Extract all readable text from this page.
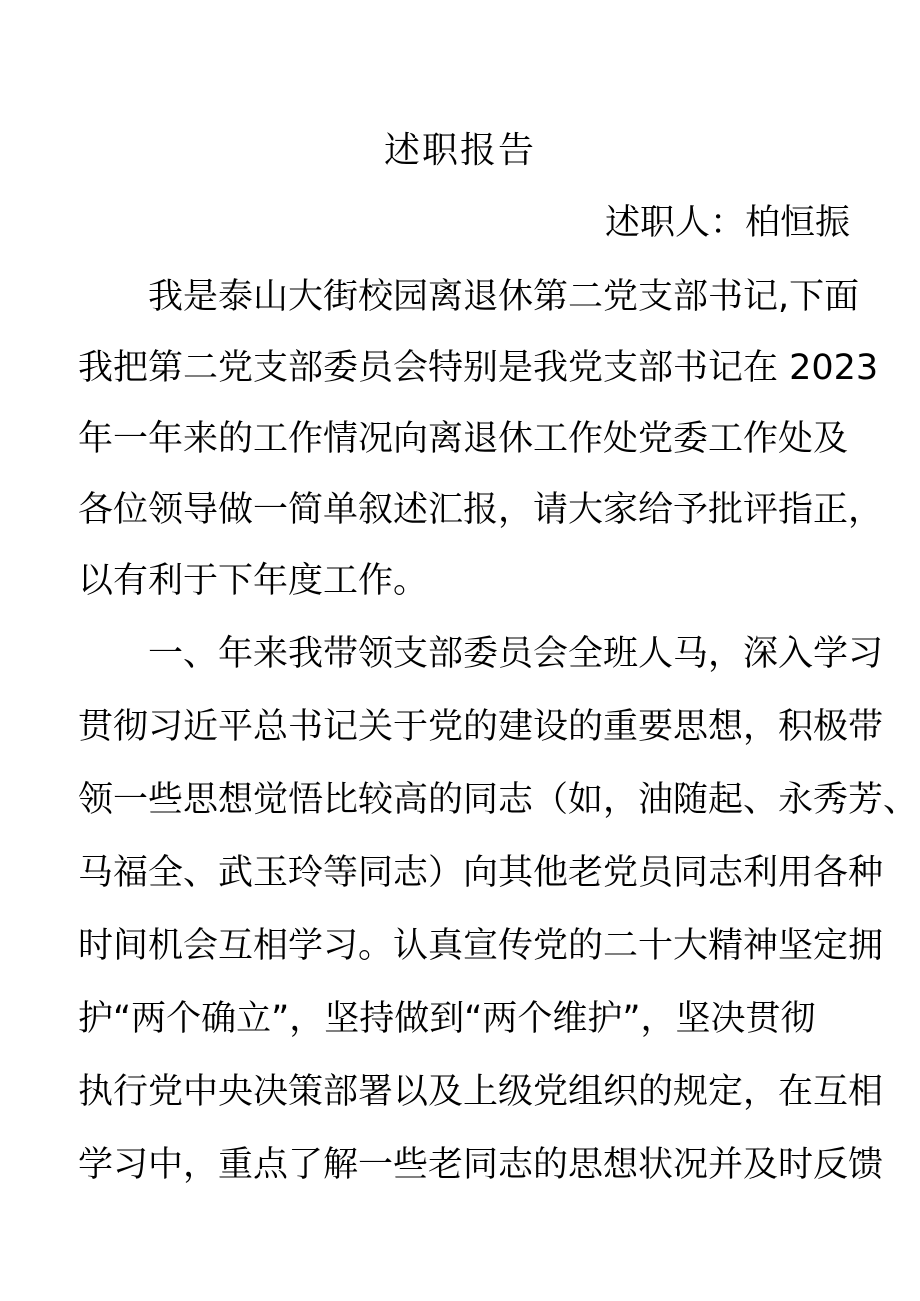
述职报告
述职人：柏恒振
我是泰山大街校园离退休第二党支部书记,下面
我把第二党支部委员会特别是我党支部书记在 2023
年一年来的工作情况向离退休工作处党委工作处及
各位领导做一简单叙述汇报，请大家给予批评指正，
以有利于下年度工作。
一、年来我带领支部委员会全班人马，深入学习
贯彻习近平总书记关于党的建设的重要思想，积极带
领一些思想觉悟比较高的同志（如，油随起、永秀芳、
马福全、武玉玲等同志）向其他老党员同志利用各种
时间机会互相学习。认真宣传党的二十大精神坚定拥
护“两个确立”，坚持做到“两个维护”，坚决贯彻
执行党中央决策部署以及上级党组织的规定，在互相
学习中，重点了解一些老同志的思想状况并及时反馈
